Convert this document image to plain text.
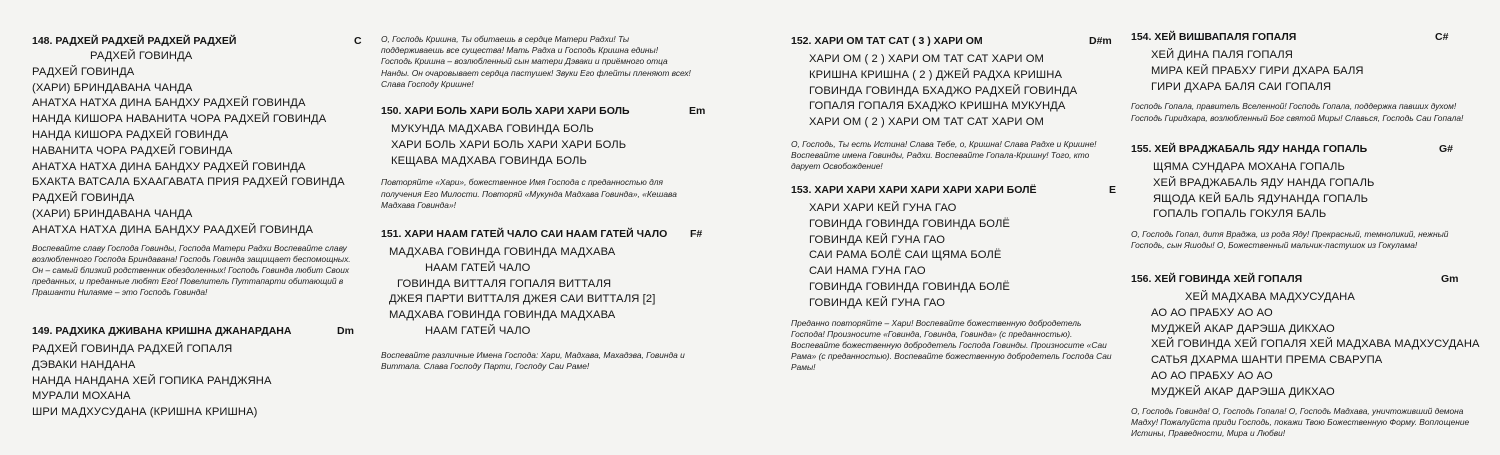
148. РАДХЕЙ РАДХЕЙ РАДХЕЙ РАДХЕЙ	C
РАДХЕЙ ГОВИНДА
РАДХЕЙ ГОВИНДА
(ХАРИ) БРИНДАВАНА ЧАНДА
АНАТХА НАТХА ДИНА БАНДХУ РАДХЕЙ ГОВИНДА
НАНДА КИШОРА НАВАНИТА ЧОРА РАДХЕЙ ГОВИНДА
НАНДА КИШОРА РАДХЕЙ ГОВИНДА
НАВАНИТА ЧОРА РАДХЕЙ ГОВИНДА
АНАТХА НАТХА ДИНА БАНДХУ РАДХЕЙ ГОВИНДА
БХАКТА ВАТСАЛА БХААГАВАТА ПРИЯ РАДХЕЙ ГОВИНДА
РАДХЕЙ ГОВИНДА
(ХАРИ) БРИНДАВАНА ЧАНДА
АНАТХА НАТХА ДИНА БАНДХУ РААДХЕЙ ГОВИНДА
Воспевайте славу Господа Говинды, Господа Матери Радхи Воспевайте славу возлюбленного Господа Бриндавана! Господь Говинда защищает беспомощных. Он – самый близкий родственник обездоленных! Господь Говинда любит Своих преданных, и преданные любят Его! Повелитель Путтапарти обитающий в Прашанти Нилаяме – это Господь Говинда!
149. РАДХИКА ДЖИВАНА КРИШНА ДЖАНАРДАНА	Dm
РАДХЕЙ ГОВИНДА РАДХЕЙ ГОПАЛЯ
ДЭВАКИ НАНДАНА
НАНДА НАНДАНА ХЕЙ ГОПИКА РАНДЖЯНА
МУРАЛИ МОХАНА
ШРИ МАДХУСУДАНА (КРИШНА КРИШНА)
О, Господь Кришна, Ты обитаешь в сердце Матери Радхи! Ты поддерживаешь все существа! Мать Радха и Господь Кришна едины! Господь Кришна – возлюбленный сын матери Дэваки и приёмного отца Нанды. Он очаровывает сердца пастушек! Звуки Его флейты пленяют всех! Слава Господу Кришне!
150. ХАРИ БОЛЬ ХАРИ БОЛЬ ХАРИ ХАРИ БОЛЬ	Em
МУКУНДА МАДХАВА ГОВИНДА БОЛЬ
ХАРИ БОЛЬ ХАРИ БОЛЬ ХАРИ ХАРИ БОЛЬ
КЕЩАВА МАДХАВА ГОВИНДА БОЛЬ
Повторяйте «Хари», божественное Имя Господа с преданностью для получения Его Милости. Повторяй «Мукунда Мадхава Говинда», «Кешава Мадхава Говинда»!
151. ХАРИ НААМ ГАТЕЙ ЧАЛО САИ НААМ ГАТЕЙ ЧАЛО F#
МАДХАВА ГОВИНДА ГОВИНДА МАДХАВА
НААМ ГАТЕЙ ЧАЛО
ГОВИНДА ВИТТАЛЯ ГОПАЛЯ ВИТТАЛЯ
ДЖЕЯ ПАРТИ ВИТТАЛЯ ДЖЕЯ САИ ВИТТАЛЯ [2]
МАДХАВА ГОВИНДА ГОВИНДА МАДХАВА
НААМ ГАТЕЙ ЧАЛО
Воспевайте различные Имена Господа: Хари, Мадхава, Махадэва, Говинда и Виттала. Слава Господу Парти, Господу Саи Раме!
152. ХАРИ ОМ ТАТ САТ ( 3 ) ХАРИ ОМ	D#m
ХАРИ ОМ ( 2 ) ХАРИ ОМ ТАТ САТ ХАРИ ОМ
КРИШНА КРИШНА ( 2 ) ДЖЕЙ РАДХА КРИШНА
ГОВИНДА ГОВИНДА БХАДЖО РАДХЕЙ ГОВИНДА
ГОПАЛЯ ГОПАЛЯ БХАДЖО КРИШНА МУКУНДА
ХАРИ ОМ ( 2 ) ХАРИ ОМ ТАТ САТ ХАРИ ОМ
О, Господь, Ты есть Истина! Слава Тебе, о, Кришна! Слава Радхе и Кришне! Воспевайте имена Говинды, Радхи. Воспевайте Гопала-Кришну! Того, кто дарует Освобождение!
153. ХАРИ ХАРИ ХАРИ ХАРИ ХАРИ ХАРИ БОЛЁ	E
ХАРИ ХАРИ КЕЙ ГУНА ГАО
ГОВИНДА ГОВИНДА ГОВИНДА БОЛЁ
ГОВИНДА КЕЙ ГУНА ГАО
САИ РАМА БОЛЁ САИ ЩЯМА БОЛЁ
САИ НАМА ГУНА ГАО
ГОВИНДА ГОВИНДА ГОВИНДА БОЛЁ
ГОВИНДА КЕЙ ГУНА ГАО
Преданно повторяйте – Хари! Воспевайте божественную добродетель Господа! Произносите «Говинда, Говинда, Говинда» (с преданностью). Воспевайте божественную добродетель Господа Говинды. Произносите «Саи Рама» (с преданностью). Воспевайте божественную добродетель Господа Саи Рамы!
154. ХЕЙ ВИШВАПАЛЯ ГОПАЛЯ	C#
ХЕЙ ДИНА ПАЛЯ ГОПАЛЯ
МИРА КЕЙ ПРАБХУ ГИРИ ДХАРА БАЛЯ
ГИРИ ДХАРА БАЛЯ САИ ГОПАЛЯ
Господь Гопала, правитель Вселенной! Господь Гопала, поддержка павших духом! Господь Гиридхара, возлюбленный Бог святой Миры! Славься, Господь Саи Гопала!
155. ХЕЙ ВРАДЖАБАЛЬ ЯДУ НАНДА ГОПАЛЬ	G#
ЩЯМА СУНДАРА МОХАНА ГОПАЛЬ
ХЕЙ ВРАДЖАБАЛЬ ЯДУ НАНДА ГОПАЛЬ
ЯЩОДА КЕЙ БАЛЬ ЯДУНАНДА ГОПАЛЬ
ГОПАЛЬ ГОПАЛЬ ГОКУЛЯ БАЛЬ
О, Господь Гопал, дитя Враджа, из рода Яду! Прекрасный, темноликий, нежный Господь, сын Яшоды! О, Божественный мальчик-пастушок из Гокулама!
156. ХЕЙ ГОВИНДА ХЕЙ ГОПАЛЯ	Gm
ХЕЙ МАДХАВА МАДХУСУДАНА
АО АО ПРАБХУ АО АО
МУДЖЕЙ АКАР ДАРЭША ДИКХАО
ХЕЙ ГОВИНДА ХЕЙ ГОПАЛЯ ХЕЙ МАДХАВА МАДХУСУДАНА
САТЬЯ ДХАРМА ШАНТИ ПРЕМА СВАРУПА
АО АО ПРАБХУ АО АО
МУДЖЕЙ АКАР ДАРЭША ДИКХАО
О, Господь Говинда! О, Господь Гопала! О, Господь Мадхава, уничтоживший демона Мадху! Пожалуйста приди Господь, покажи Твою Божественную Форму. Воплощение Истины, Праведности, Мира и Любви!
